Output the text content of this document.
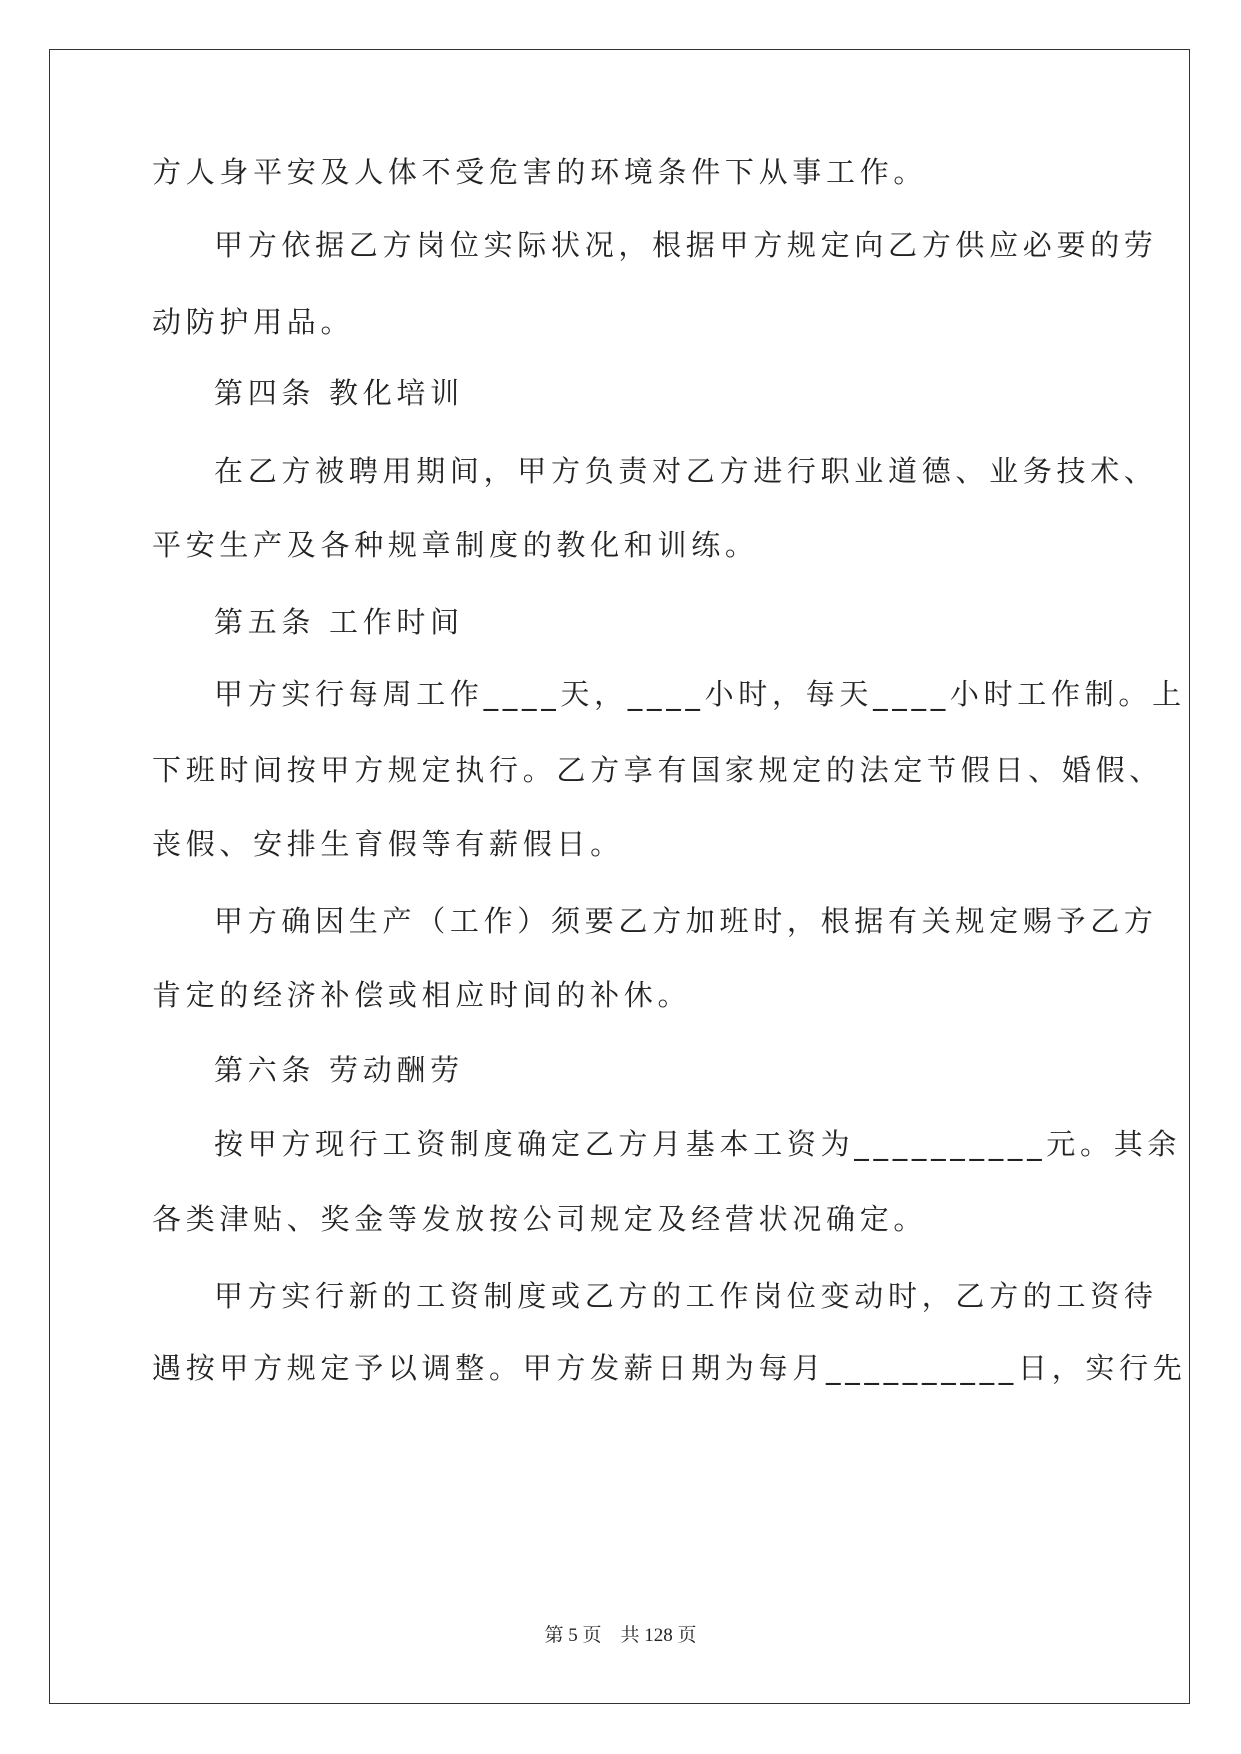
方人身平安及人体不受危害的环境条件下从事工作。
甲方依据乙方岗位实际状况，根据甲方规定向乙方供应必要的劳
动防护用品。
第四条 教化培训
在乙方被聘用期间，甲方负责对乙方进行职业道德、业务技术、
平安生产及各种规章制度的教化和训练。
第五条 工作时间
甲方实行每周工作____天，____小时，每天____小时工作制。上
下班时间按甲方规定执行。乙方享有国家规定的法定节假日、婚假、
丧假、安排生育假等有薪假日。
甲方确因生产（工作）须要乙方加班时，根据有关规定赐予乙方
肯定的经济补偿或相应时间的补休。
第六条 劳动酬劳
按甲方现行工资制度确定乙方月基本工资为__________元。其余
各类津贴、奖金等发放按公司规定及经营状况确定。
甲方实行新的工资制度或乙方的工作岗位变动时，乙方的工资待
遇按甲方规定予以调整。甲方发薪日期为每月__________日，实行先
第 5 页    共 128 页
